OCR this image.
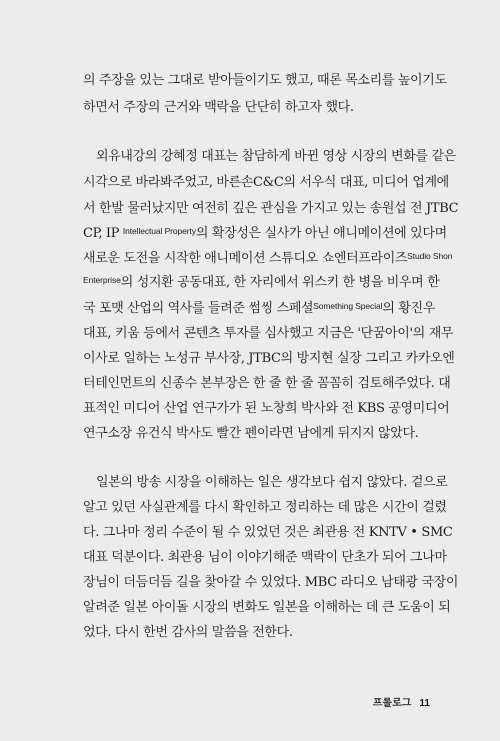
의 주장을 있는 그대로 받아들이기도 했고, 때론 목소리를 높이기도
하면서 주장의 근거와 맥락을 단단히 하고자 했다.
외유내강의 강혜정 대표는 참담하게 바뀐 영상 시장의 변화를 같은
시각으로 바라봐주었고, 바른손C&C의 서우식 대표, 미디어 업계에
서 한발 물러났지만 여전히 깊은 관심을 가지고 있는 송원섭 전 JTBC
CP, IP $^{Intellectual Property}$의 확장성은 실사가 아닌 애니메이션에 있다며
새로운 도전을 시작한 애니메이션 스튜디오 쇼엔터프라이즈$^{Studio Shon}$
$^{Enterprise}$의 성지환 공동대표, 한 자리에서 위스키 한 병을 비우며 한
국 포맷 산업의 역사를 들려준 썸씽 스페셜$^{Something Special}$의 황진우
대표, 키움 등에서 콘텐츠 투자를 심사했고 지금은 '단꿈아이'의 재무
이사로 일하는 노성규 부사장, JTBC의 방지현 실장 그리고 카카오엔
터테인먼트의 신종수 본부장은 한 줄 한 줄 꼼꼼히 검토해주었다. 대
표적인 미디어 산업 연구가가 된 노창희 박사와 전 KBS 공영미디어
연구소장 유건식 박사도 빨간 펜이라면 남에게 뒤지지 않았다.
일본의 방송 시장을 이해하는 일은 생각보다 쉽지 않았다. 겉으로
알고 있던 사실관계를 다시 확인하고 정리하는 데 많은 시간이 걸렸
다. 그나마 정리 수준이 될 수 있었던 것은 최관용 전 KNTV • SMC
대표 덕분이다. 최관용 님이 이야기해준 맥락이 단초가 되어 그나마
장님이 더듬더듬 길을 찾아갈 수 있었다. MBC 라디오 남태광 국장이
알려준 일본 아이돌 시장의 변화도 일본을 이해하는 데 큰 도움이 되
었다. 다시 한번 감사의 말씀을 전한다.
프롤로그 11
